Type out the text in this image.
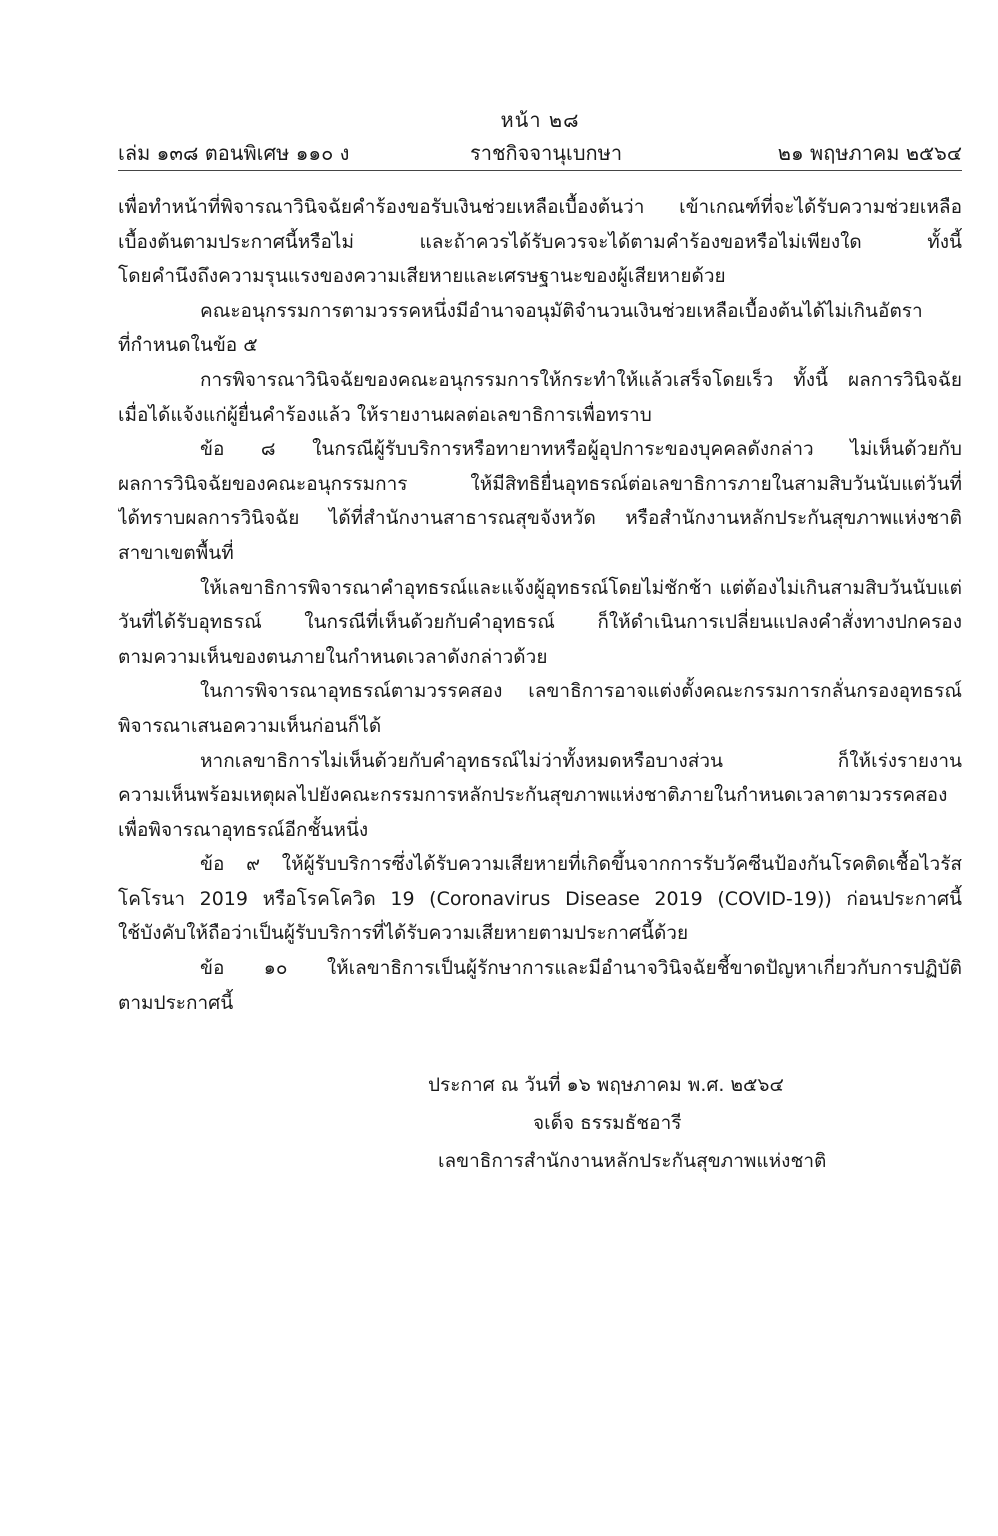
หน้า ๒๘
เล่ม ๑๓๘ ตอนพิเศษ ๑๑๐ ง	ราชกิจจานุเบกษา	๒๑ พฤษภาคม ๒๕๖๔
เพื่อทำหน้าที่พิจารณาวินิจฉัยคำร้องขอรับเงินช่วยเหลือเบื้องต้นว่า เข้าเกณฑ์ที่จะได้รับความช่วยเหลือ
เบื้องต้นตามประกาศนี้หรือไม่ และถ้าควรได้รับควรจะได้ตามคำร้องขอหรือไม่เพียงใด ทั้งนี้
โดยคำนึงถึงความรุนแรงของความเสียหายและเศรษฐานะของผู้เสียหายด้วย
คณะอนุกรรมการตามวรรคหนึ่งมีอำนาจอนุมัติจำนวนเงินช่วยเหลือเบื้องต้นได้ไม่เกินอัตรา
ที่กำหนดในข้อ ๕
การพิจารณาวินิจฉัยของคณะอนุกรรมการให้กระทำให้แล้วเสร็จโดยเร็ว ทั้งนี้ ผลการวินิจฉัย
เมื่อได้แจ้งแก่ผู้ยื่นคำร้องแล้ว ให้รายงานผลต่อเลขาธิการเพื่อทราบ
ข้อ ๘ ในกรณีผู้รับบริการหรือทายาทหรือผู้อุปการะของบุคคลดังกล่าว ไม่เห็นด้วยกับ
ผลการวินิจฉัยของคณะอนุกรรมการ ให้มีสิทธิยื่นอุทธรณ์ต่อเลขาธิการภายในสามสิบวันนับแต่วันที่
ได้ทราบผลการวินิจฉัย ได้ที่สำนักงานสาธารณสุขจังหวัด หรือสำนักงานหลักประกันสุขภาพแห่งชาติ
สาขาเขตพื้นที่
ให้เลขาธิการพิจารณาคำอุทธรณ์และแจ้งผู้อุทธรณ์โดยไม่ชักช้า แต่ต้องไม่เกินสามสิบวันนับแต่
วันที่ได้รับอุทธรณ์ ในกรณีที่เห็นด้วยกับคำอุทธรณ์ ก็ให้ดำเนินการเปลี่ยนแปลงคำสั่งทางปกครอง
ตามความเห็นของตนภายในกำหนดเวลาดังกล่าวด้วย
ในการพิจารณาอุทธรณ์ตามวรรคสอง เลขาธิการอาจแต่งตั้งคณะกรรมการกลั่นกรองอุทธรณ์
พิจารณาเสนอความเห็นก่อนก็ได้
หากเลขาธิการไม่เห็นด้วยกับคำอุทธรณ์ไม่ว่าทั้งหมดหรือบางส่วน ก็ให้เร่งรายงาน
ความเห็นพร้อมเหตุผลไปยังคณะกรรมการหลักประกันสุขภาพแห่งชาติภายในกำหนดเวลาตามวรรคสอง
เพื่อพิจารณาอุทธรณ์อีกชั้นหนึ่ง
ข้อ ๙ ให้ผู้รับบริการซึ่งได้รับความเสียหายที่เกิดขึ้นจากการรับวัคซีนป้องกันโรคติดเชื้อไวรัส
โคโรนา 2019 หรือโรคโควิด 19 (Coronavirus Disease 2019 (COVID-19)) ก่อนประกาศนี้
ใช้บังคับให้ถือว่าเป็นผู้รับบริการที่ได้รับความเสียหายตามประกาศนี้ด้วย
ข้อ ๑๐ ให้เลขาธิการเป็นผู้รักษาการและมีอำนาจวินิจฉัยชี้ขาดปัญหาเกี่ยวกับการปฏิบัติ
ตามประกาศนี้
ประกาศ ณ วันที่ ๑๖ พฤษภาคม พ.ศ. ๒๕๖๔
จเด็จ ธรรมธัชอารี
เลขาธิการสำนักงานหลักประกันสุขภาพแห่งชาติ
